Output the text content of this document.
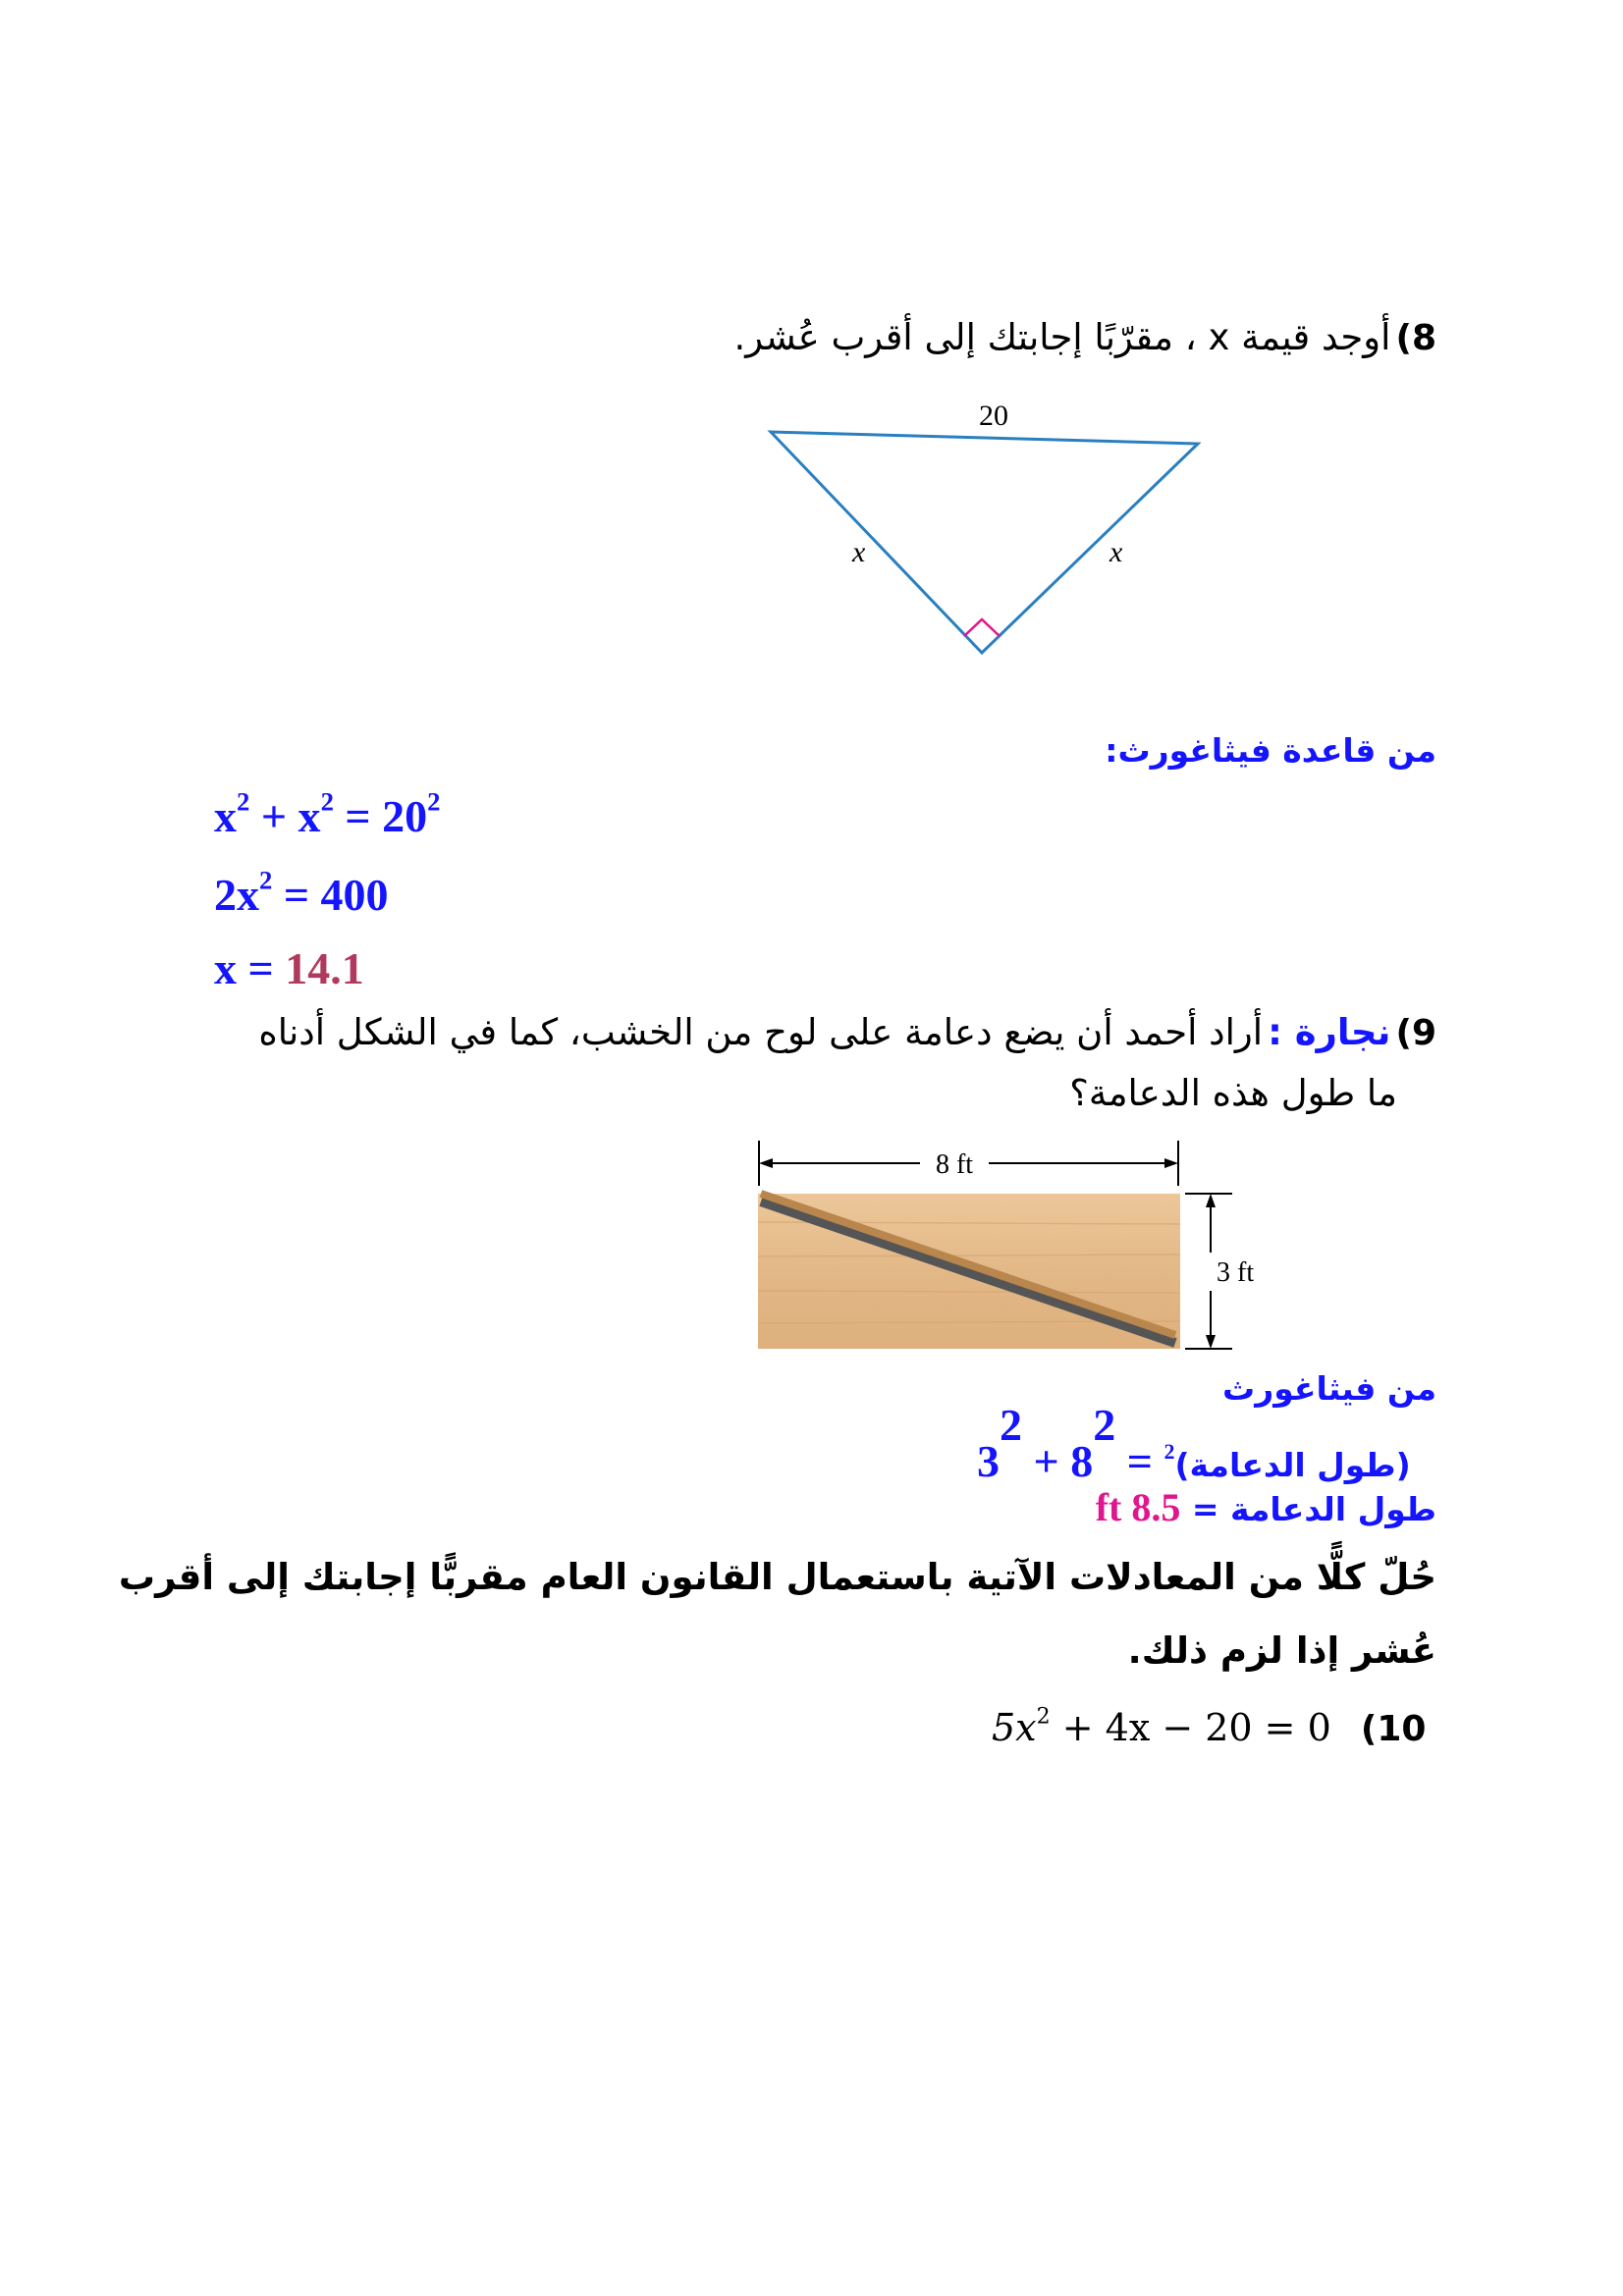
8) أوجد قيمة x ، مقرّبًا إجابتك إلى أقرب عُشر.
20
x	x
من قاعدة فيثاغورث:
$x^2 + x^2 = 20^2$
$2x^2 = 400$
x = 14.1
9) نجارة : أراد أحمد أن يضع دعامة على لوح من الخشب، كما في الشكل أدناه
ما طول هذه الدعامة؟
8 ft
3 ft
من فيثاغورث
$3^2 + 8^2$ = $^2$(طول الدعامة)
طول الدعامة = ft 8.5
حُلّ كلًّا من المعادلات الآتية باستعمال القانون العام مقربًّا إجابتك إلى أقرب
عُشر إذا لزم ذلك.
$5x^2 + 4x - 20 = 0$ (10
